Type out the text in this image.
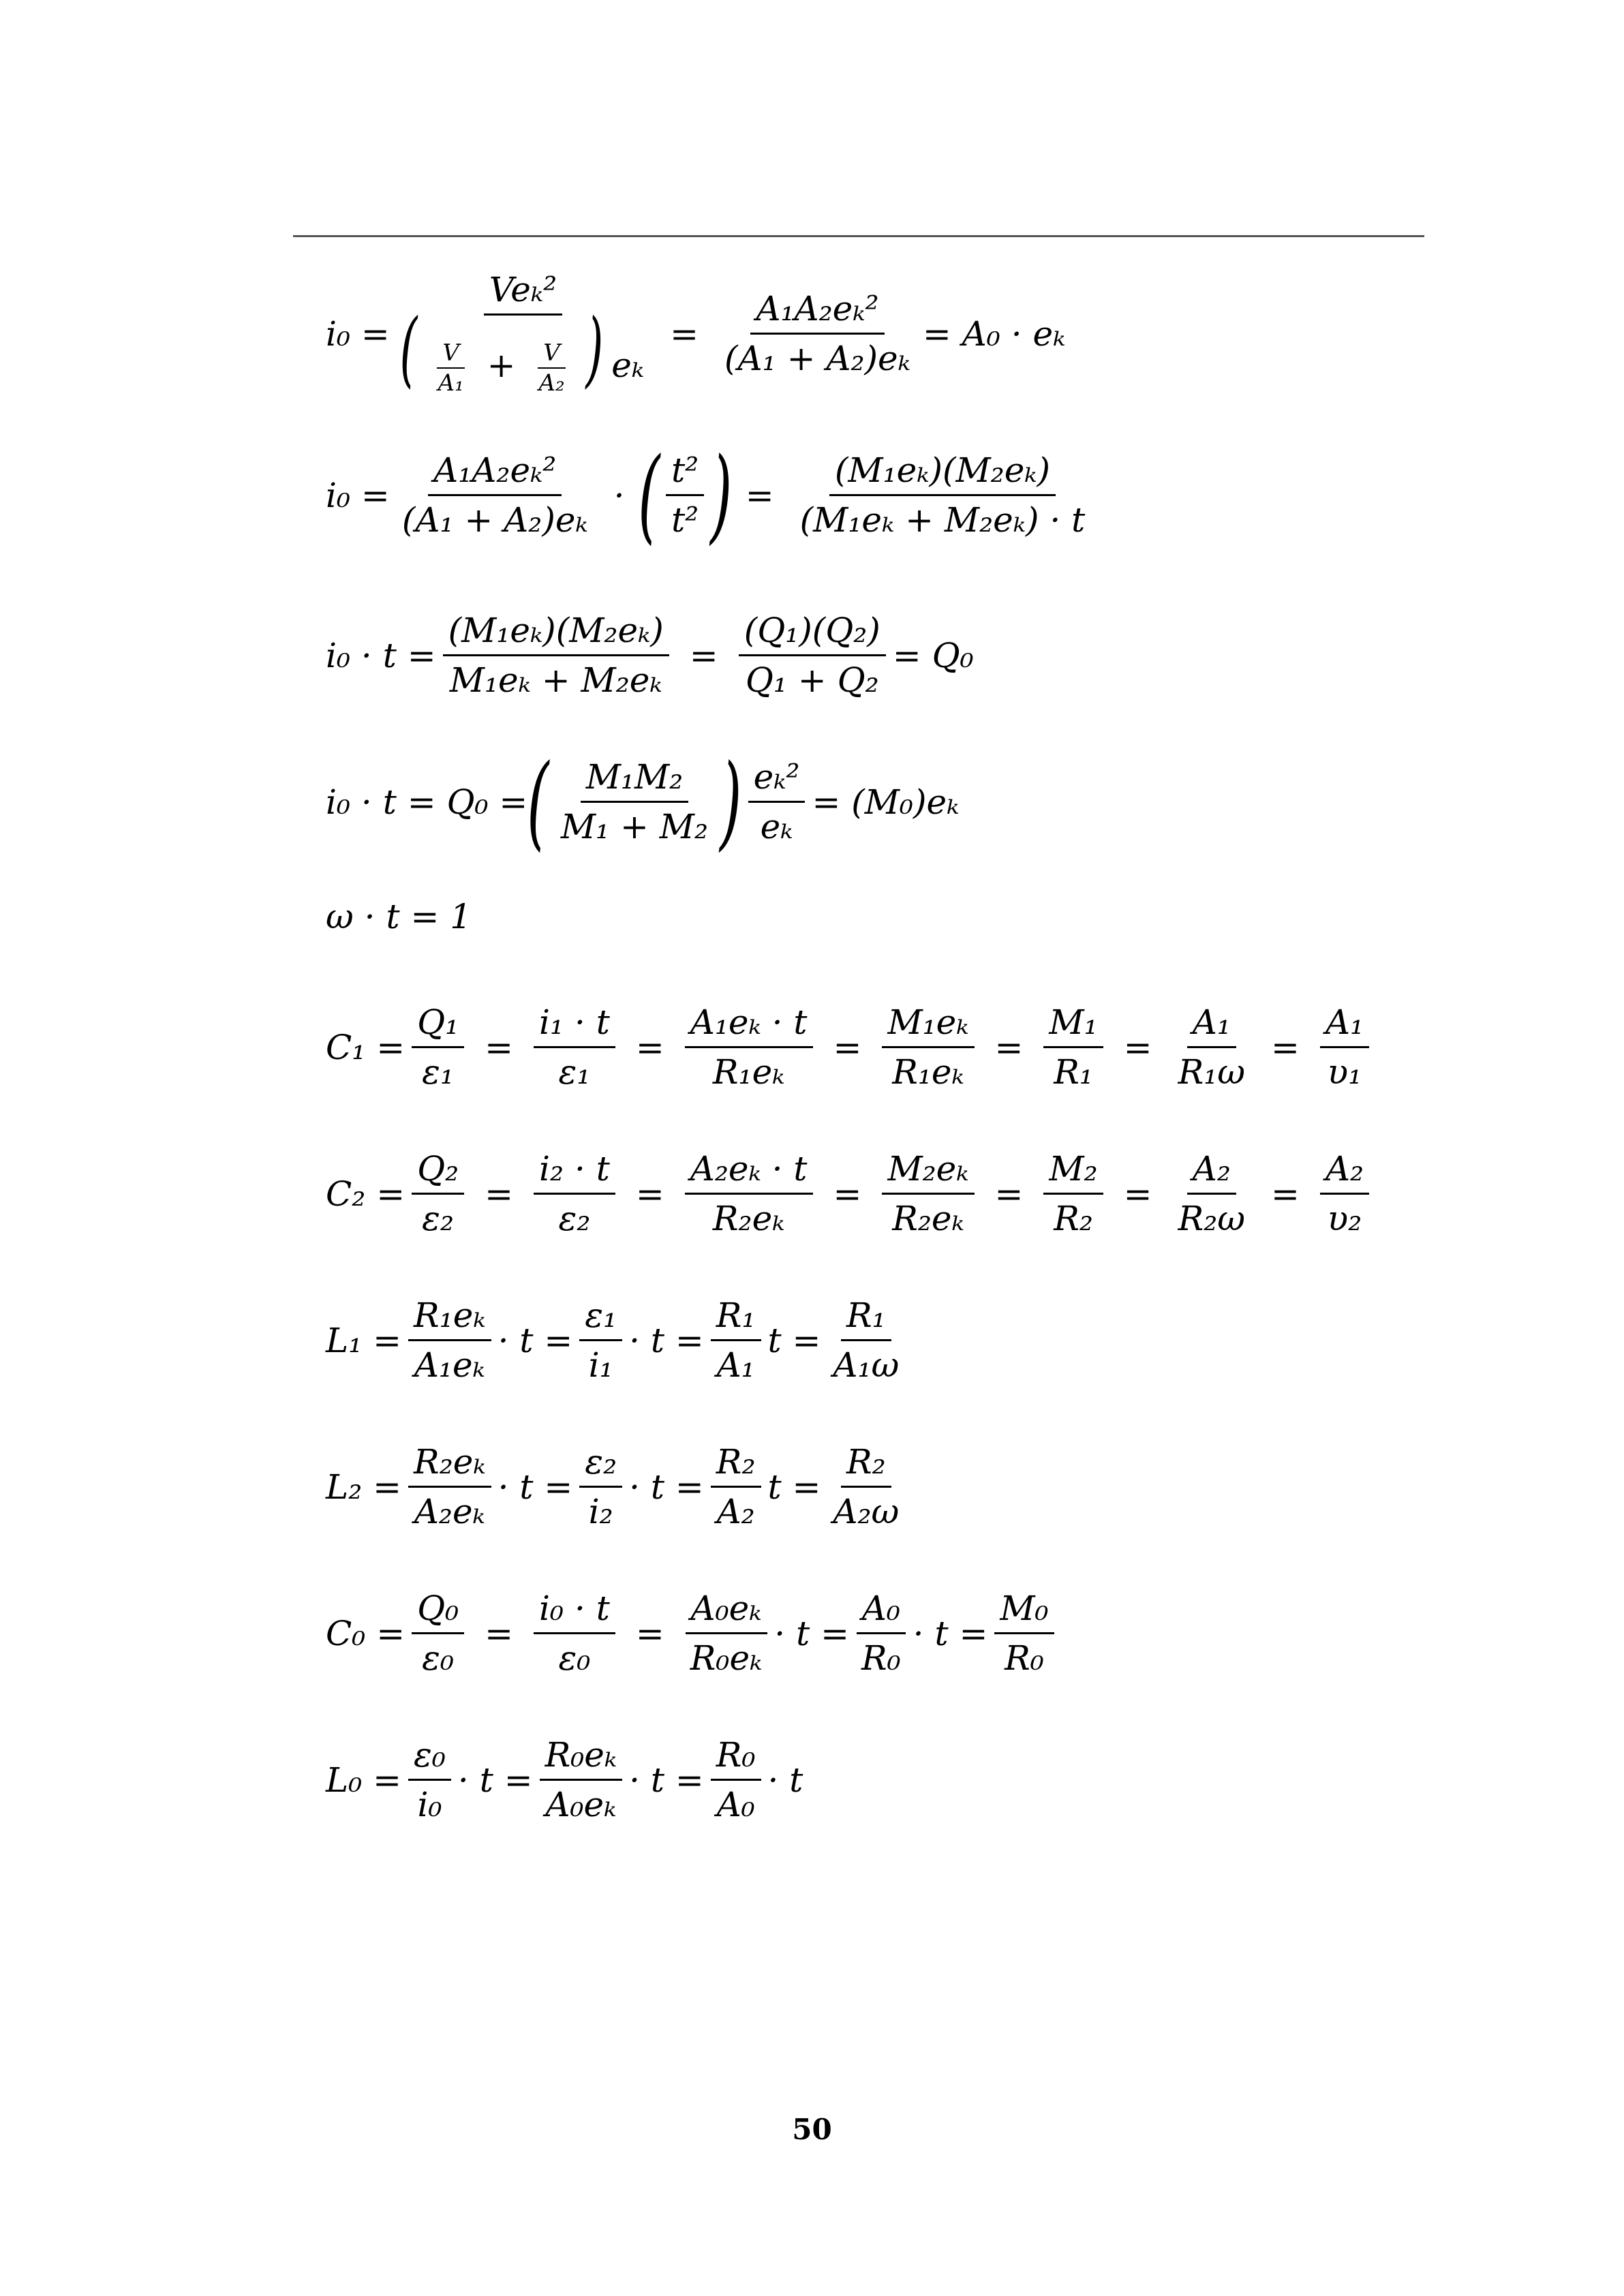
i₀ =
Veₖ²
( $\frac{V}{\text{A₁}} + \frac{V}{\text{A₂}}$ ) eₖ
= $\frac{\text{A₁A₂eₖ²}}{\text{(A₁ + A₂)eₖ}} = A_0 \cdot e_k$
$i_0 = \frac{\text{A₁A₂eₖ²}}{\text{(A₁ + A₂)eₖ}}$ · ( $\frac{\text{t²}}{\text{t²}}$ ) = $\frac{\text{(M₁eₖ)(M₂eₖ)}}{\text{(M₁eₖ + M₂eₖ) · t}}$
$i_0 \cdot t = \frac{\text{(M₁eₖ)(M₂eₖ)}}{\text{M₁eₖ + M₂eₖ}} = \frac{\text{(Q₁)(Q₂)}}{\text{Q₁ + Q₂}} = Q_0$
i₀ · t = Q₀ = ( $\frac{\text{M₁M₂}}{\text{M₁ + M₂}}$ ) $\frac{\text{eₖ²}}{\text{eₖ}} = (M_0)e_k$
ω · t = 1
$C_1 = \frac{\text{Q₁}}{\text{ε₁}} = \frac{\text{i₁ · t}}{\text{ε₁}} = \frac{\text{A₁eₖ · t}}{\text{R₁eₖ}} = \frac{\text{M₁eₖ}}{\text{R₁eₖ}} = \frac{\text{M₁}}{\text{R₁}} = \frac{\text{A₁}}{\text{R₁ω}} = \frac{\text{A₁}}{\text{υ₁}}$
$C_2 = \frac{\text{Q₂}}{\text{ε₂}} = \frac{\text{i₂ · t}}{\text{ε₂}} = \frac{\text{A₂eₖ · t}}{\text{R₂eₖ}} = \frac{\text{M₂eₖ}}{\text{R₂eₖ}} = \frac{\text{M₂}}{\text{R₂}} = \frac{\text{A₂}}{\text{R₂ω}} = \frac{\text{A₂}}{\text{υ₂}}$
$L_1 = \frac{\text{R₁eₖ}}{\text{A₁eₖ}} \cdot t = \frac{\text{ε₁}}{\text{i₁}} \cdot t = \frac{\text{R₁}}{\text{A₁}}$ $t = \frac{\text{R₁}}{\text{A₁ω}}$
$L_2 = \frac{\text{R₂eₖ}}{\text{A₂eₖ}} \cdot t = \frac{\text{ε₂}}{\text{i₂}} \cdot t = \frac{\text{R₂}}{\text{A₂}}$ $t = \frac{\text{R₂}}{\text{A₂ω}}$
$C_0 = \frac{\text{Q₀}}{\text{ε₀}} = \frac{\text{i₀ · t}}{\text{ε₀}} = \frac{\text{A₀eₖ}}{\text{R₀eₖ}} \cdot t = \frac{\text{A₀}}{\text{R₀}} \cdot t = \frac{\text{M₀}}{\text{R₀}}$
$L_0 = \frac{\text{ε₀}}{\text{i₀}} \cdot t = \frac{\text{R₀eₖ}}{\text{A₀eₖ}} \cdot t = \frac{\text{R₀}}{\text{A₀}} \cdot t$
50
